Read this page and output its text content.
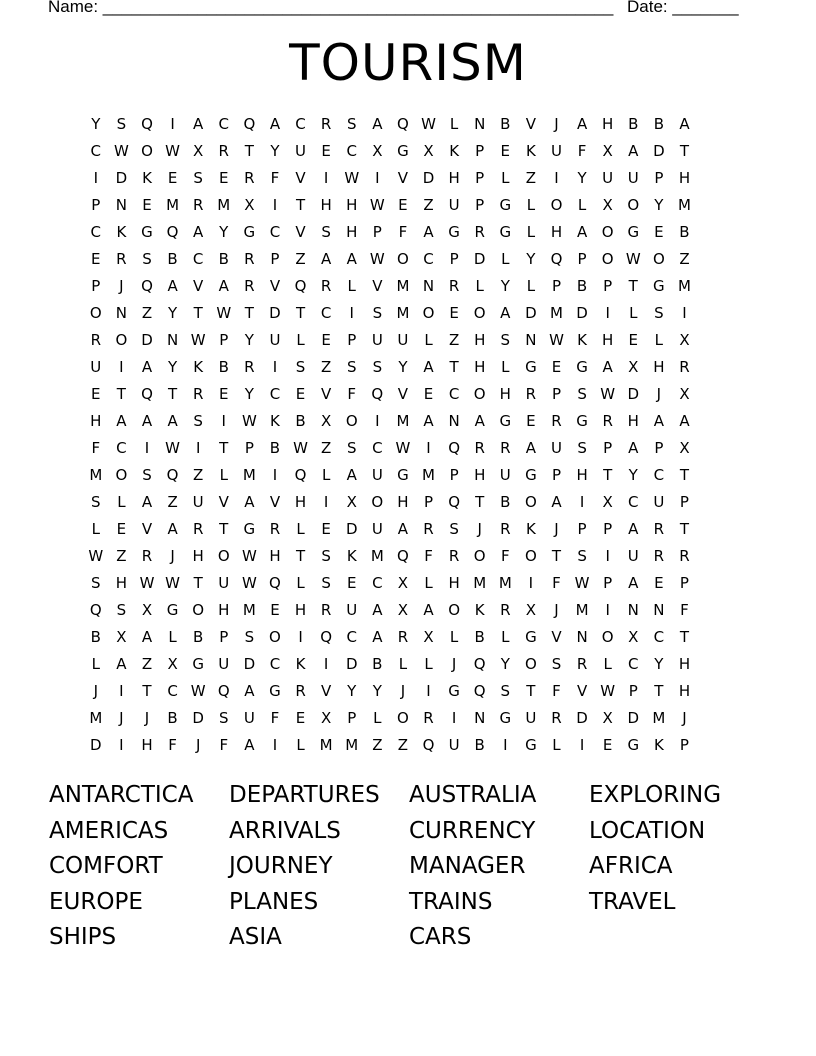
Name: ______________________________________________________ Date: _______
TOURISM
Y S Q I A C Q A C R S A Q W L N B V J A H B B A
C W O W X R T Y U E C X G X K P E K U F X A D T
I D K E S E R F V I W I V D H P L Z I Y U U P H
P N E M R M X I T H H W E Z U P G L O L X O Y M
C K G Q A Y G C V S H P F A G R G L H A O G E B
E R S B C B R P Z A A W O C P D L Y Q P O W O Z
P J Q A V A R V Q R L V M N R L Y L P B P T G M
O N Z Y T W T D T C I S M O E O A D M D I L S I
R O D N W P Y U L E P U U L Z H S N W K H E L X
U I A Y K B R I S Z S S Y A T H L G E G A X H R
E T Q T R E Y C E V F Q V E C O H R P S W D J X
H A A A S I W K B X O I M A N A G E R G R H A A
F C I W I T P B W Z S C W I Q R R A U S P A P X
M O S Q Z L M I Q L A U G M P H U G P H T Y C T
S L A Z U V A V H I X O H P Q T B O A I X C U P
L E V A R T G R L E D U A R S J R K J P P A R T
W Z R J H O W H T S K M Q F R O F O T S I U R R
S H W W T U W Q L S E C X L H M M I F W P A E P
Q S X G O H M E H R U A X A O K R X J M I N N F
B X A L B P S O I Q C A R X L B L G V N O X C T
L A Z X G U D C K I D B L L J Q Y O S R L C Y H
J I T C W Q A G R V Y Y J I G Q S T F V W P T H
M J J B D S U F E X P L O R I N G U R D X D M J
D I H F J F A I L M M Z Z Q U B I G L I E G K P
ANTARCTICA DEPARTURES AUSTRALIA EXPLORING
AMERICAS	ARRIVALS	CURRENCY LOCATION
COMFORT	JOURNEY	MANAGER	AFRICA
EUROPE	PLANES	TRAINS	TRAVEL
SHIPS	ASIA	CARS
